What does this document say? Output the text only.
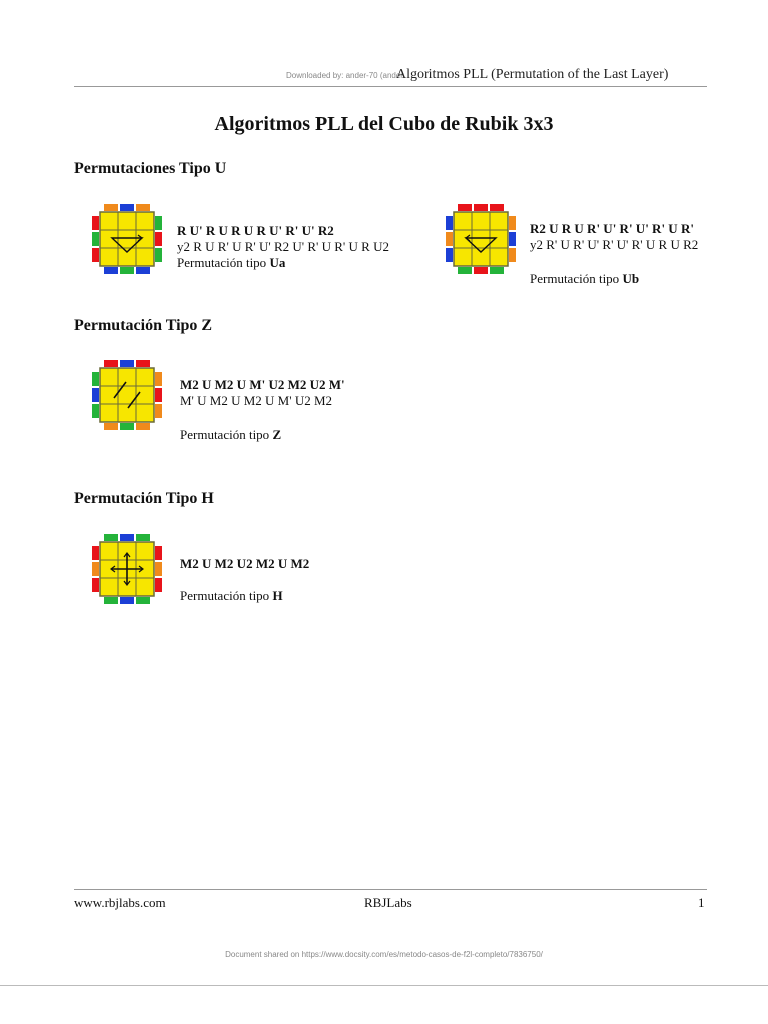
Downloaded by: ander-70 (ander
Algoritmos PLL (Permutation of the Last Layer)
Algoritmos PLL del Cubo de Rubik 3x3
Permutaciones Tipo U
R U' R U R U R U' R' U' R2
y2 R U R' U R' U' R2 U' R' U R' U R U2
Permutación tipo Ua
R2 U R U R' U' R' U' R' U R'
y2 R' U R' U' R' U' R' U R U R2
Permutación tipo Ub
Permutación Tipo Z
M2 U M2 U M' U2 M2 U2 M'
M' U M2 U M2 U M' U2 M2
Permutación tipo Z
Permutación Tipo H
M2 U M2 U2 M2 U M2
Permutación tipo H
www.rbjlabs.com	RBJLabs	1
Document shared on https://www.docsity.com/es/metodo-casos-de-f2l-completo/7836750/
